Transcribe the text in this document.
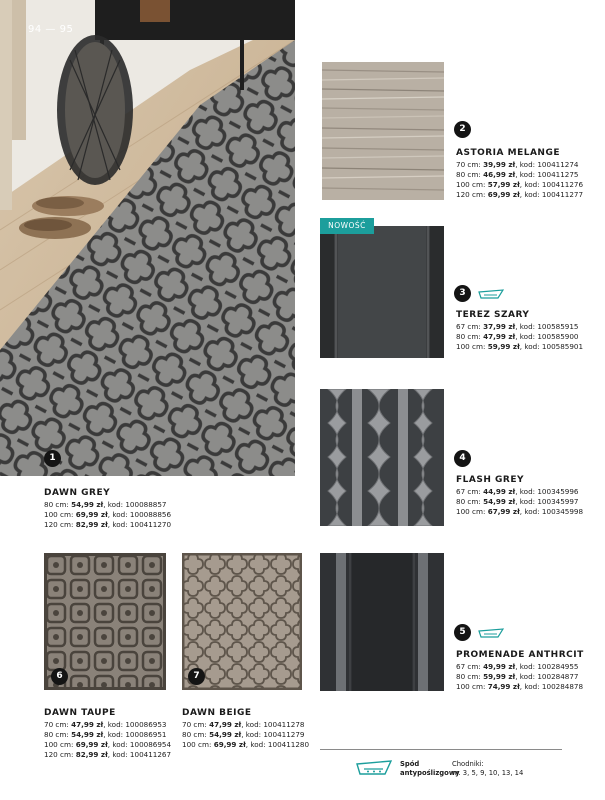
94 — 95
1
DAWN GREY
80 cm: 54,99 zł, kod: 100088857
100 cm: 69,99 zł, kod: 100088856
120 cm: 82,99 zł, kod: 100411270
2
ASTORIA MELANGE
70 cm: 39,99 zł, kod: 100411274
80 cm: 46,99 zł, kod: 100411275
100 cm: 57,99 zł, kod: 100411276
120 cm: 69,99 zł, kod: 100411277
NOWOŚĆ
3
TEREZ SZARY
67 cm: 37,99 zł, kod: 100585915
80 cm: 47,99 zł, kod: 100585900
100 cm: 59,99 zł, kod: 100585901
4
FLASH GREY
67 cm: 44,99 zł, kod: 100345996
80 cm: 54,99 zł, kod: 100345997
100 cm: 67,99 zł, kod: 100345998
5
PROMENADE ANTHRCIT
67 cm: 49,99 zł, kod: 100284955
80 cm: 59,99 zł, kod: 100284877
100 cm: 74,99 zł, kod: 100284878
6
DAWN TAUPE
70 cm: 47,99 zł, kod: 100086953
80 cm: 54,99 zł, kod: 100086951
100 cm: 69,99 zł, kod: 100086954
120 cm: 82,99 zł, kod: 100411267
7
DAWN BEIGE
70 cm: 47,99 zł, kod: 100411278
80 cm: 54,99 zł, kod: 100411279
100 cm: 69,99 zł, kod: 100411280
Spód
antypoślizgowy
Chodniki:
nr. 3, 5, 9, 10, 13, 14
